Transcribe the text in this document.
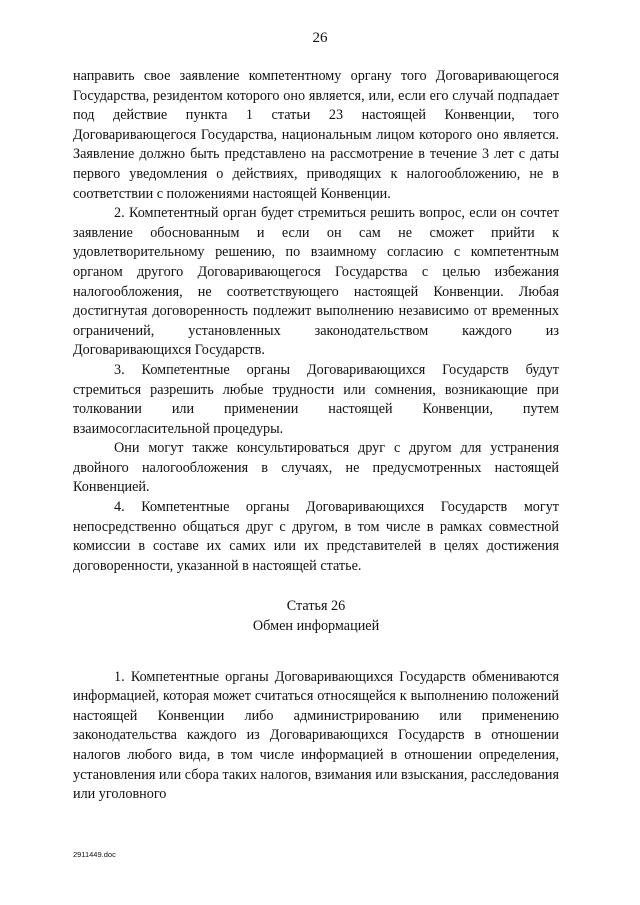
26

направить свое заявление компетентному органу того Договаривающегося Государства, резидентом которого оно является, или, если его случай подпадает под действие пункта 1 статьи 23 настоящей Конвенции, того Договаривающегося Государства, национальным лицом которого оно является. Заявление должно быть представлено на рассмотрение в течение 3 лет с даты первого уведомления о действиях, приводящих к налогообложению, не в соответствии с положениями настоящей Конвенции.

2. Компетентный орган будет стремиться решить вопрос, если он сочтет заявление обоснованным и если он сам не сможет прийти к удовлетворительному решению, по взаимному согласию с компетентным органом другого Договаривающегося Государства с целью избежания налогообложения, не соответствующего настоящей Конвенции. Любая достигнутая договоренность подлежит выполнению независимо от временных ограничений, установленных законодательством каждого из Договаривающихся Государств.

3. Компетентные органы Договаривающихся Государств будут стремиться разрешить любые трудности или сомнения, возникающие при толковании или применении настоящей Конвенции, путем взаимосогласительной процедуры.

Они могут также консультироваться друг с другом для устранения двойного налогообложения в случаях, не предусмотренных настоящей Конвенцией.

4. Компетентные органы Договаривающихся Государств могут непосредственно общаться друг с другом, в том числе в рамках совместной комиссии в составе их самих или их представителей в целях достижения договоренности, указанной в настоящей статье.

Статья 26
Обмен информацией

1. Компетентные органы Договаривающихся Государств обмениваются информацией, которая может считаться относящейся к выполнению положений настоящей Конвенции либо администрированию или применению законодательства каждого из Договаривающихся Государств в отношении налогов любого вида, в том числе информацией в отношении определения, установления или сбора таких налогов, взимания или взыскания, расследования или уголовного

2911449.doc
